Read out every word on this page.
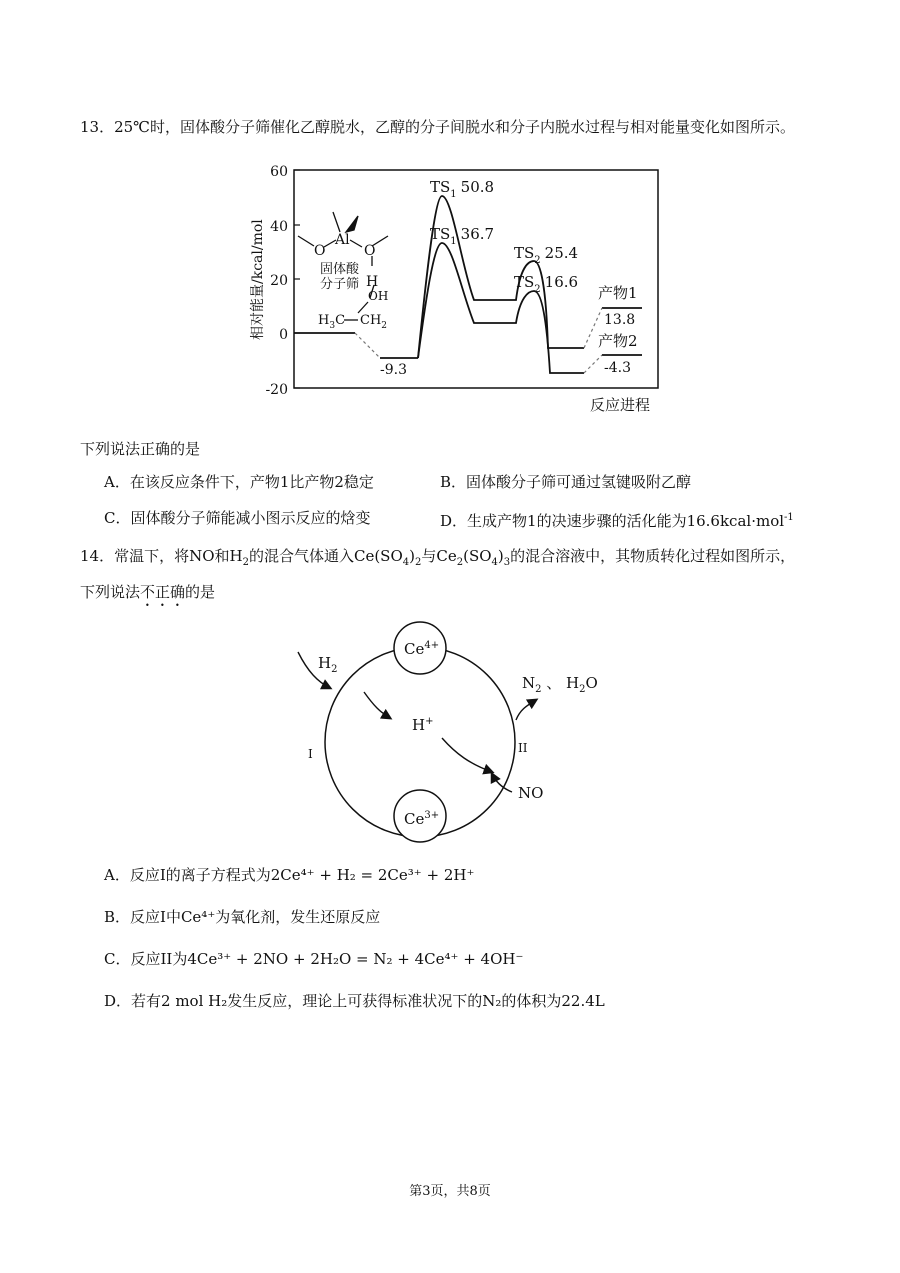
13．25℃时，固体酸分子筛催化乙醇脱水，乙醇的分子间脱水和分子内脱水过程与相对能量变化如图所示。
60
40
20
0
-20
相对能量/kcal/mol
反应进程
$TS_1$ 50.8
$TS_1$ 36.7
$TS_2$ 25.4
$TS_2$ 16.6
-9.3
产物1
13.8
产物2
-4.3
Al
O	O
固体酸
分子筛 H
OH
$H_3C$ $CH_2$
下列说法正确的是
A．在该反应条件下，产物1比产物2稳定	B．固体酸分子筛可通过氢键吸附乙醇
C．固体酸分子筛能减小图示反应的焓变	D．生成产物1的决速步骤的活化能为16.6kcal·mol$^{-1}$
14．常温下，将NO和$H_2$的混合气体通入$Ce(SO_4)_2$与$Ce_2(SO_4)_3$的混合溶液中，其物质转化过程如图所示，
下列说法不正确的是
$Ce^{4+}$
$Ce^{3+}$
$H_2$
H+
$N_2$ 、 $H_2O$
NO
I	II
A．反应I的离子方程式为2Ce⁴⁺ + H₂ = 2Ce³⁺ + 2H⁺
B．反应I中Ce⁴⁺为氧化剂，发生还原反应
C．反应II为4Ce³⁺ + 2NO + 2H₂O = N₂ + 4Ce⁴⁺ + 4OH⁻
D．若有2 mol H₂发生反应，理论上可获得标准状况下的N₂的体积为22.4L
第3页，共8页
